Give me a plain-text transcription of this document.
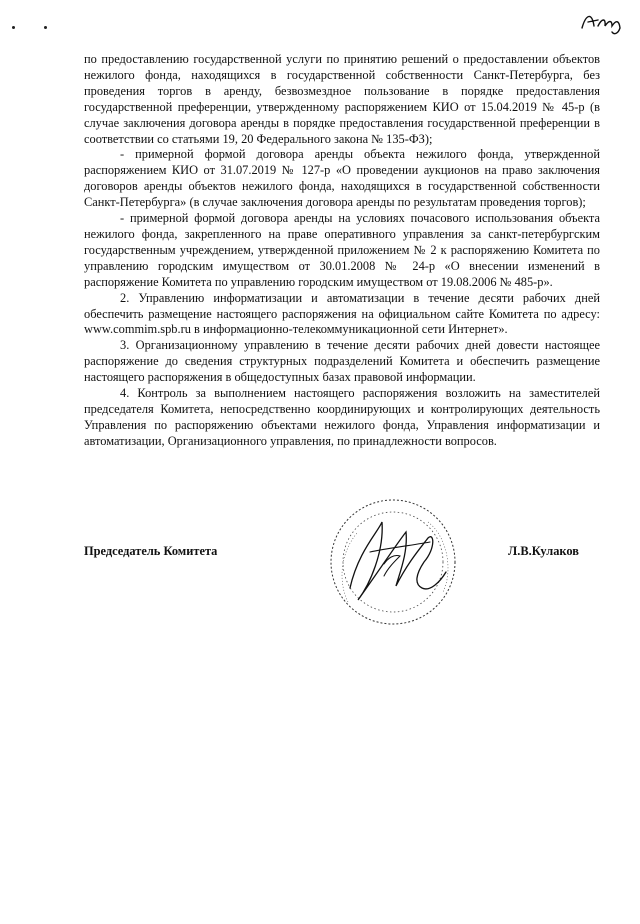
по предоставлению государственной услуги по принятию решений о предоставлении объектов нежилого фонда, находящихся в государственной собственности Санкт-Петербурга, без проведения торгов в аренду, безвозмездное пользование в порядке предоставления государственной преференции, утвержденному распоряжением КИО от 15.04.2019 № 45-р (в случае заключения договора аренды в порядке предоставления государственной преференции в соответствии со статьями 19, 20 Федерального закона № 135-ФЗ);

- примерной формой договора аренды объекта нежилого фонда, утвержденной распоряжением КИО от 31.07.2019 № 127-р «О проведении аукционов на право заключения договоров аренды объектов нежилого фонда, находящихся в государственной собственности Санкт-Петербурга» (в случае заключения договора аренды по результатам проведения торгов);

- примерной формой договора аренды на условиях почасового использования объекта нежилого фонда, закрепленного на праве оперативного управления за санкт-петербургским государственным учреждением, утвержденной приложением № 2 к распоряжению Комитета по управлению городским имуществом от 30.01.2008 № 24-р «О внесении изменений в распоряжение Комитета по управлению городским имуществом от 19.08.2006 № 485-р».

2. Управлению информатизации и автоматизации в течение десяти рабочих дней обеспечить размещение настоящего распоряжения на официальном сайте Комитета по адресу: www.commim.spb.ru в информационно-телекоммуникационной сети Интернет».

3. Организационному управлению в течение десяти рабочих дней довести настоящее распоряжение до сведения структурных подразделений Комитета и обеспечить размещение настоящего распоряжения в общедоступных базах правовой информации.

4. Контроль за выполнением настоящего распоряжения возложить на заместителей председателя Комитета, непосредственно координирующих и контролирующих деятельность Управления по распоряжению объектами нежилого фонда, Управления информатизации и автоматизации, Организационного управления, по принадлежности вопросов.

Председатель Комитета	Л.В.Кулаков
